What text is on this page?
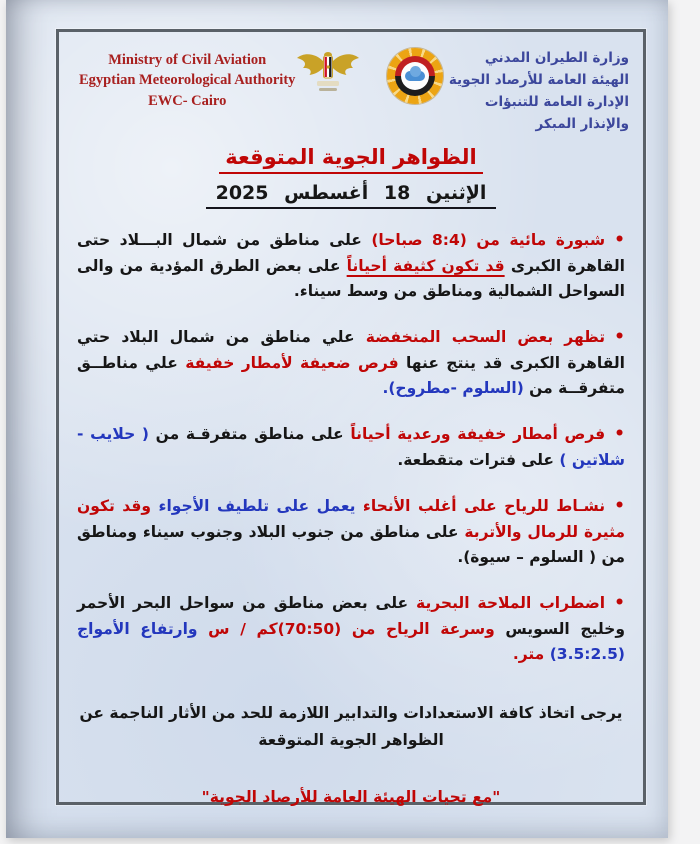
Ministry of Civil Aviation
Egyptian Meteorological Authority
EWC- Cairo
وزارة الطيران المدني
الهيئة العامة للأرصاد الجوية
الإدارة العامة للتنبؤات والإنذار المبكر
الظواهر الجوية المتوقعة
الإثنين 18 أغسطس 2025
•شبورة مائية من (8:4 صباحا) على مناطق من شمال البـــلاد حتى القاهرة الكبرى قد تكون كثيفة أحياناً على بعض الطرق المؤدية من والى السواحل الشمالية ومناطق من وسط سيناء.
•تظهر بعض السحب المنخفضة علي مناطق من شمال البلاد حتي القاهرة الكبرى قد ينتج عنها فرص ضعيفة لأمطار خفيفة علي مناطــق متفرقــة من (السلوم -مطروح).
•فرص أمطار خفيفة ورعدية أحياناً على مناطق متفرقـة من ( حلايب - شلاتين ) على فترات متقطعة.
•نشـاط للرياح على أغلب الأنحاء يعمل على تلطيف الأجواء وقد تكون مثيرة للرمال والأتربة على مناطق من جنوب البلاد وجنوب سيناء ومناطق من ( السلوم – سيوة).
•اضطراب الملاحة البحرية على بعض مناطق من سواحل البحر الأحمر وخليج السويس وسرعة الرياح من (70:50)كم / س وارتفاع الأمواج (3.5:2.5) متر.
يرجى اتخاذ كافة الاستعدادات والتدابير اللازمة للحد من الأثار الناجمة عن
الظواهر الجوية المتوقعة
"مع تحيات الهيئة العامة للأرصاد الجوية"
